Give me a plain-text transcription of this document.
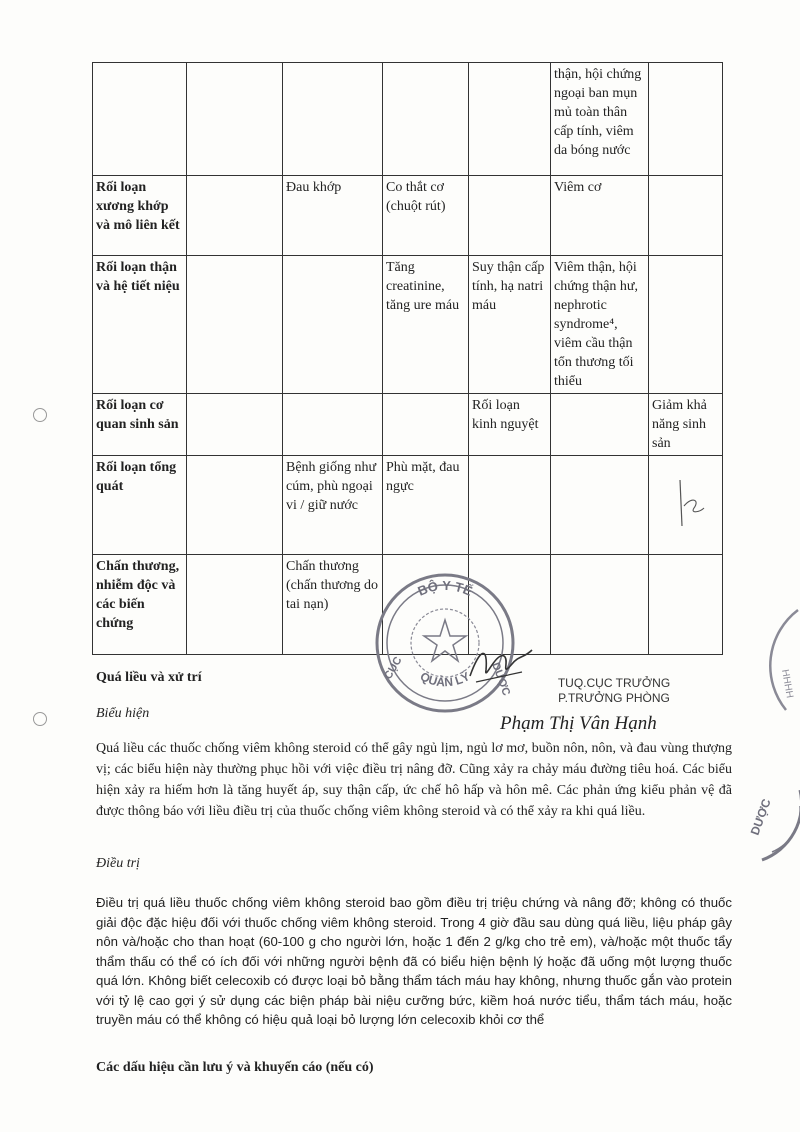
					thận, hội chứng ngoại ban mụn mủ toàn thân cấp tính, viêm da bóng nước	
Rối loạn xương khớp và mô liên kết		Đau khớp	Co thắt cơ (chuột rút)		Viêm cơ	
Rối loạn thận và hệ tiết niệu			Tăng creatinine, tăng ure máu	Suy thận cấp tính, hạ natri máu	Viêm thận, hội chứng thận hư, nephrotic syndrome⁴, viêm cầu thận tổn thương tối thiểu	
Rối loạn cơ quan sinh sản				Rối loạn kinh nguyệt		Giảm khả năng sinh sản
Rối loạn tổng quát		Bệnh giống như cúm, phù ngoại vi / giữ nước	Phù mặt, đau ngực			
Chấn thương, nhiễm độc và các biến chứng		Chấn thương (chấn thương do tai nạn)				
BỘ Y TẾ
QUẢN LÝ
CỤC	DƯỢC	TUQ.CỤC TRƯỞNG
P.TRƯỞNG PHÒNG
Phạm Thị Vân Hạnh
Quá liều và xử trí
Biểu hiện
Quá liều các thuốc chống viêm không steroid có thể gây ngủ lịm, ngủ lơ mơ, buồn nôn, nôn, và đau vùng thượng vị; các biểu hiện này thường phục hồi với việc điều trị nâng đỡ. Cũng xảy ra chảy máu đường tiêu hoá. Các biểu hiện xảy ra hiếm hơn là tăng huyết áp, suy thận cấp, ức chế hô hấp và hôn mê. Các phản ứng kiểu phản vệ đã được thông báo với liều điều trị của thuốc chống viêm không steroid và có thể xảy ra khi quá liều.
Điều trị
Điều trị quá liều thuốc chống viêm không steroid bao gồm điều trị triệu chứng và nâng đỡ; không có thuốc giải độc đặc hiệu đối với thuốc chống viêm không steroid. Trong 4 giờ đầu sau dùng quá liều, liệu pháp gây nôn và/hoặc cho than hoạt (60-100 g cho người lớn, hoặc 1 đến 2 g/kg cho trẻ em), và/hoặc một thuốc tẩy thẩm thấu có thể có ích đối với những người bệnh đã có biểu hiện bệnh lý hoặc đã uống một lượng thuốc quá lớn. Không biết celecoxib có được loại bỏ bằng thẩm tách máu hay không, nhưng thuốc gắn vào protein với tỷ lệ cao gợi ý sử dụng các biện pháp bài niệu cưỡng bức, kiềm hoá nước tiểu, thẩm tách máu, hoặc truyền máu có thể không có hiệu quả loại bỏ lượng lớn celecoxib khỏi cơ thể
Các dấu hiệu cần lưu ý và khuyến cáo (nếu có)
HHHH
DƯỢC
